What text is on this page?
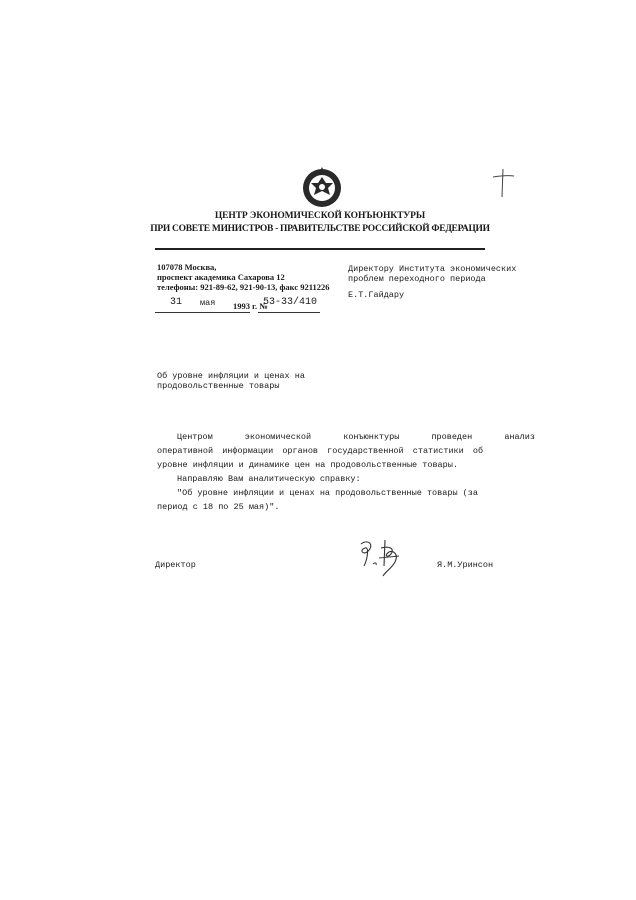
ЦЕНТР ЭКОНОМИЧЕСКОЙ КОНЪЮНКТУРЫ
ПРИ СОВЕТЕ МИНИСТРОВ - ПРАВИТЕЛЬСТВЕ РОССИЙСКОЙ ФЕДЕРАЦИИ
107078 Москва,
проспект академика Сахарова 12
телефоны: 921-89-62, 921-90-13, факс 9211226
31 мая 1993 г. №
53-33/410
Директору Института экономических
проблем переходного периода
Е.Т.Гайдару
Об уровне инфляции и ценах на
продовольственные товары
Центром экономической конъюнктуры проведен анализ
оперативной информации органов государственной статистики об
уровне инфляции и динамике цен на продовольственные товары.
Направляю Вам аналитическую справку:
"Об уровне инфляции и ценах на продовольственные товары (за
период с 18 по 25 мая)".
Директор	Я.М.Уринсон
